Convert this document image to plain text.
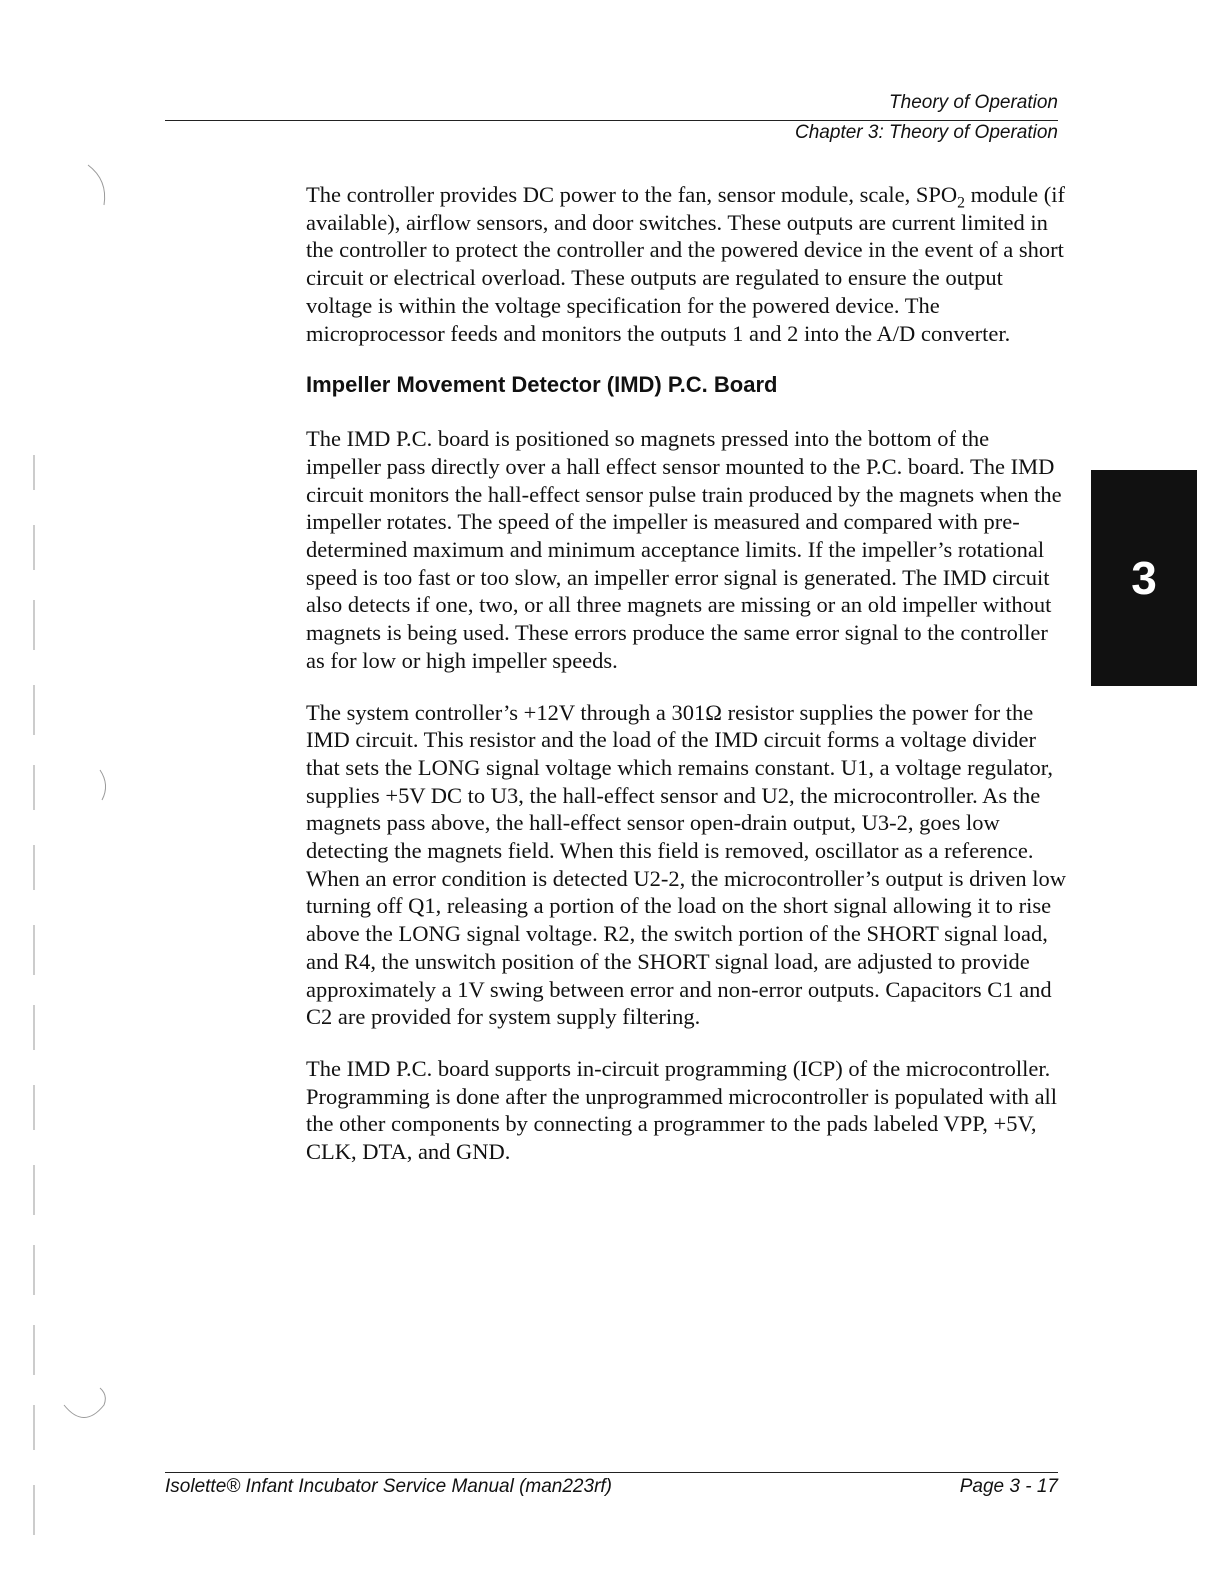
Theory of Operation
Chapter 3: Theory of Operation

The controller provides DC power to the fan, sensor module, scale, $SPO_2$ module (if available), airflow sensors, and door switches. These outputs are current limited in the controller to protect the controller and the powered device in the event of a short circuit or electrical overload. These outputs are regulated to ensure the output voltage is within the voltage specification for the powered device. The microprocessor feeds and monitors the outputs 1 and 2 into the A/D converter.

Impeller Movement Detector (IMD) P.C. Board

The IMD P.C. board is positioned so magnets pressed into the bottom of the impeller pass directly over a hall effect sensor mounted to the P.C. board. The IMD circuit monitors the hall-effect sensor pulse train produced by the magnets when the impeller rotates. The speed of the impeller is measured and compared with pre-determined maximum and minimum acceptance limits. If the impeller’s rotational speed is too fast or too slow, an impeller error signal is generated. The IMD circuit also detects if one, two, or all three magnets are missing or an old impeller without magnets is being used. These errors produce the same error signal to the controller as for low or high impeller speeds.

The system controller’s +12V through a 301Ω resistor supplies the power for the IMD circuit. This resistor and the load of the IMD circuit forms a voltage divider that sets the LONG signal voltage which remains constant. U1, a voltage regulator, supplies +5V DC to U3, the hall-effect sensor and U2, the microcontroller. As the magnets pass above, the hall-effect sensor open-drain output, U3-2, goes low detecting the magnets field. When this field is removed, oscillator as a reference. When an error condition is detected U2-2, the microcontroller’s output is driven low turning off Q1, releasing a portion of the load on the short signal allowing it to rise above the LONG signal voltage. R2, the switch portion of the SHORT signal load, and R4, the unswitch position of the SHORT signal load, are adjusted to provide approximately a 1V swing between error and non-error outputs. Capacitors C1 and C2 are provided for system supply filtering.

The IMD P.C. board supports in-circuit programming (ICP) of the microcontroller. Programming is done after the unprogrammed microcontroller is populated with all the other components by connecting a programmer to the pads labeled VPP, +5V, CLK, DTA, and GND.

3
Isolette® Infant Incubator Service Manual (man223rf)	Page 3 - 17
